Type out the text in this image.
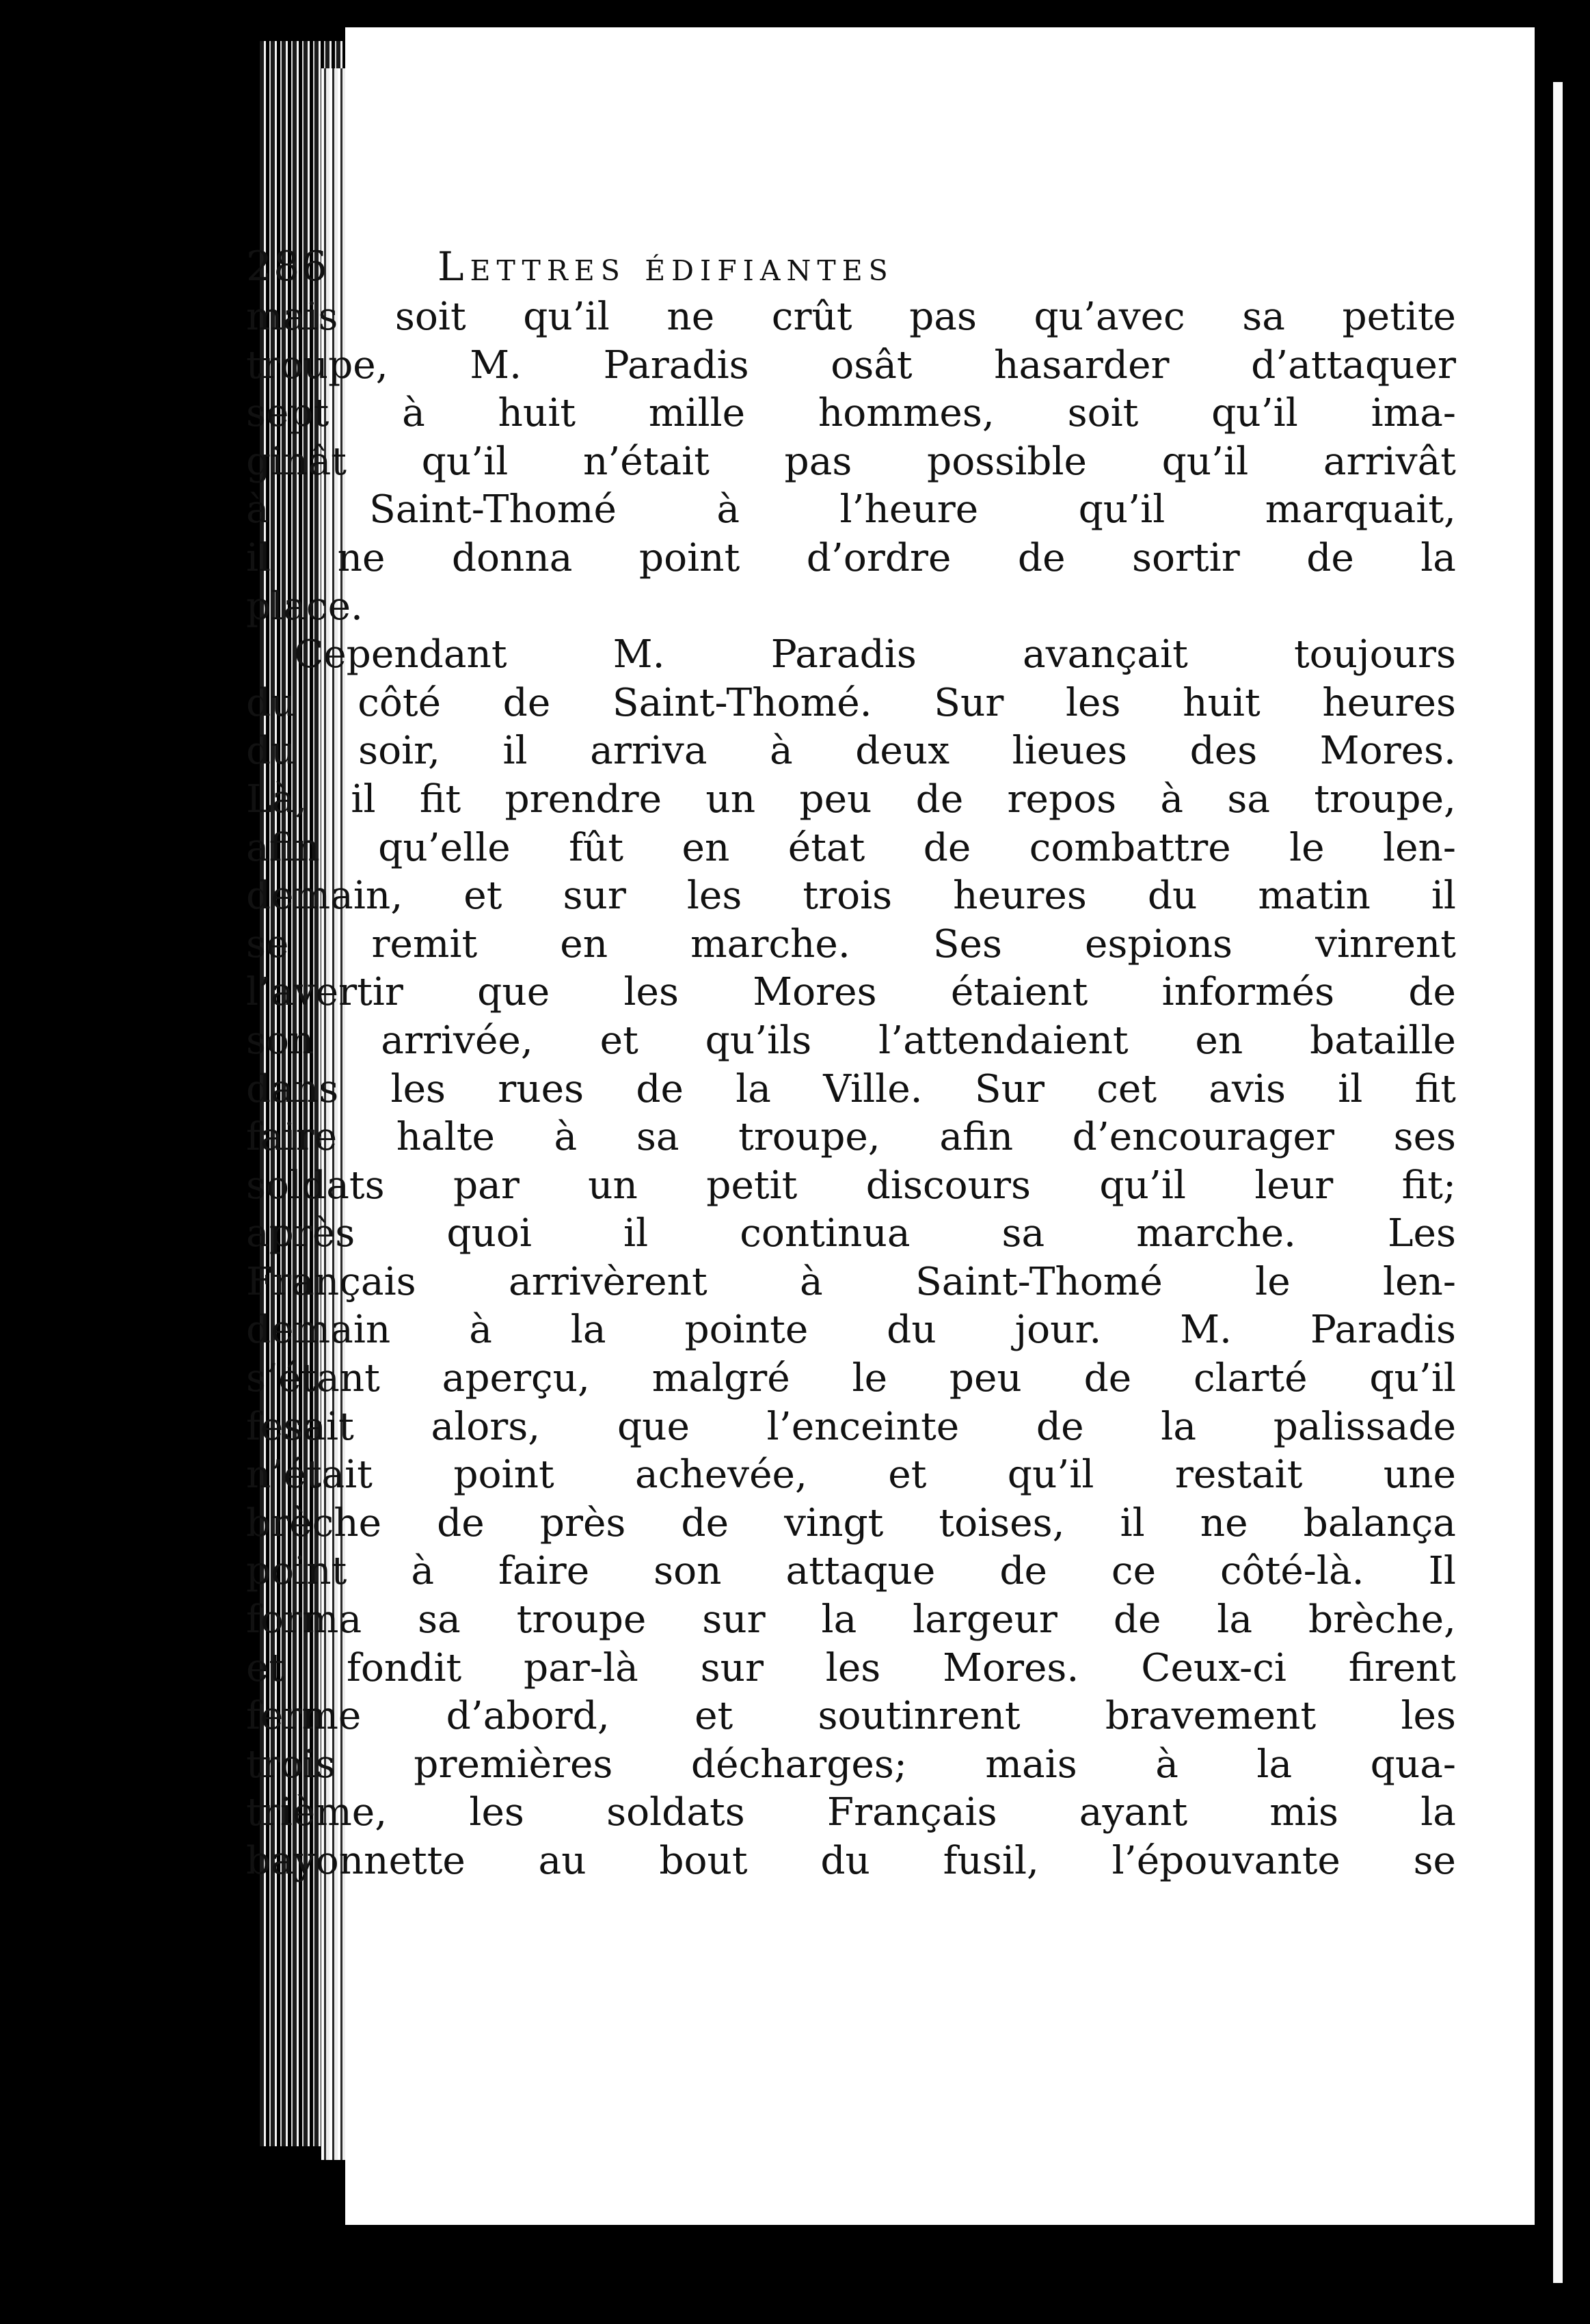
286	Lettres édifiantes
mais soit qu’il ne crût pas qu’avec sa petite
troupe, M. Paradis osât hasarder d’attaquer
sept à huit mille hommes, soit qu’il ima-
ginât qu’il n’était pas possible qu’il arrivât
à Saint-Thomé à l’heure qu’il marquait,
il ne donna point d’ordre de sortir de la
place.
Cependant M. Paradis avançait toujours
du côté de Saint-Thomé. Sur les huit heures
du soir, il arriva à deux lieues des Mores.
Là, il fit prendre un peu de repos à sa troupe,
afin qu’elle fût en état de combattre le len-
demain, et sur les trois heures du matin il
se remit en marche. Ses espions vinrent
l’avertir que les Mores étaient informés de
son arrivée, et qu’ils l’attendaient en bataille
dans les rues de la Ville. Sur cet avis il fit
faire halte à sa troupe, afin d’encourager ses
soldats par un petit discours qu’il leur fit;
après quoi il continua sa marche. Les
Français arrivèrent à Saint-Thomé le len-
demain à la pointe du jour. M. Paradis
s’étant aperçu, malgré le peu de clarté qu’il
fesait alors, que l’enceinte de la palissade
n’était point achevée, et qu’il restait une
brèche de près de vingt toises, il ne balança
point à faire son attaque de ce côté-là. Il
forma sa troupe sur la largeur de la brèche,
et fondit par-là sur les Mores. Ceux-ci firent
ferme d’abord, et soutinrent bravement les
trois premières décharges; mais à la qua-
trième, les soldats Français ayant mis la
bayonnette au bout du fusil, l’épouvante se
